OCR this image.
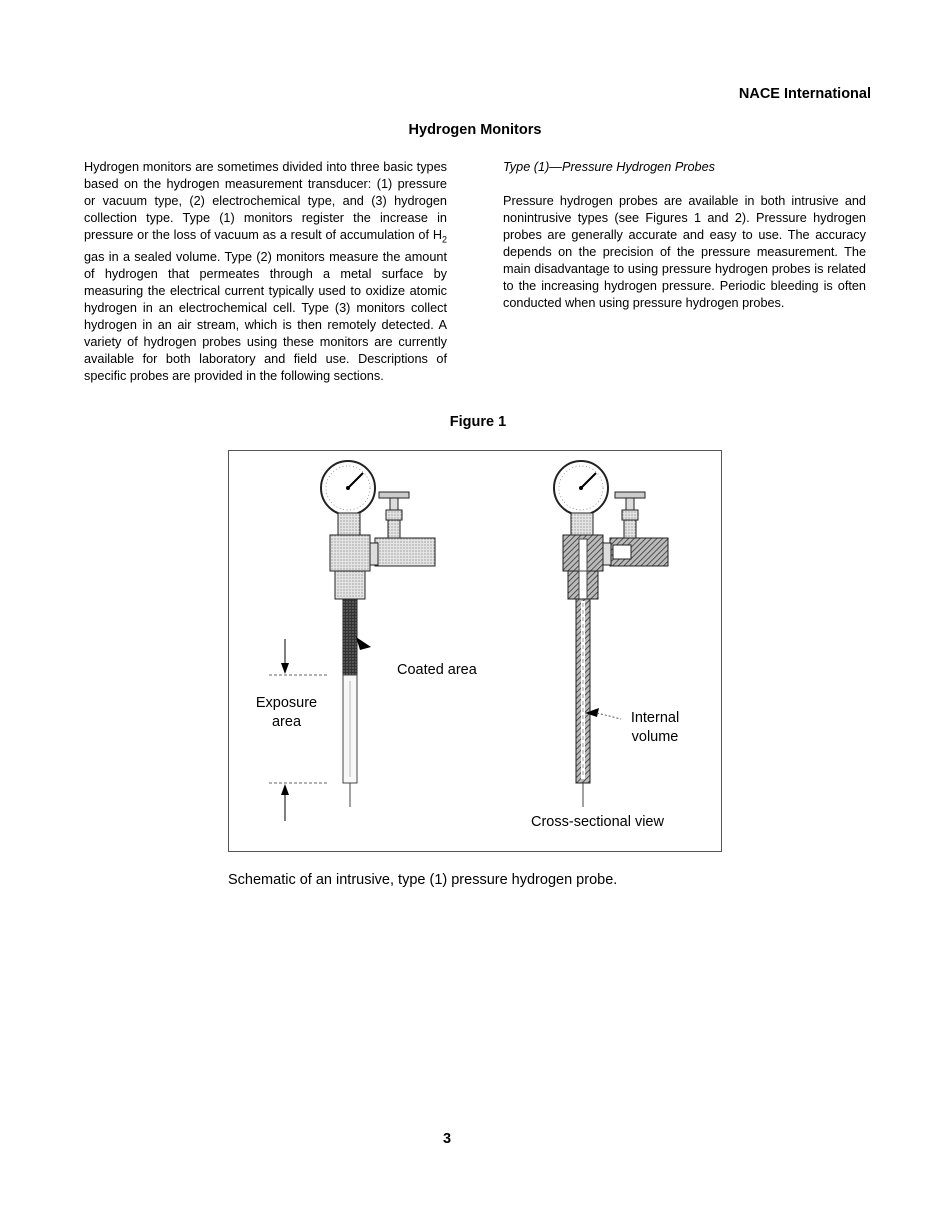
NACE International
Hydrogen Monitors

Hydrogen monitors are sometimes divided into three basic types based on the hydrogen measurement transducer: (1) pressure or vacuum type, (2) electrochemical type, and (3) hydrogen collection type. Type (1) monitors register the increase in pressure or the loss of vacuum as a result of accumulation of $H_2$ gas in a sealed volume. Type (2) monitors measure the amount of hydrogen that permeates through a metal surface by measuring the electrical current typically used to oxidize atomic hydrogen in an electrochemical cell. Type (3) monitors collect hydrogen in an air stream, which is then remotely detected. A variety of hydrogen probes using these monitors are currently available for both laboratory and field use. Descriptions of specific probes are provided in the following sections.

Type (1)—Pressure Hydrogen Probes

Pressure hydrogen probes are available in both intrusive and nonintrusive types (see Figures 1 and 2). Pressure hydrogen probes are generally accurate and easy to use. The accuracy depends on the precision of the pressure measurement. The main disadvantage to using pressure hydrogen probes is related to the increasing hydrogen pressure. Periodic bleeding is often conducted when using pressure hydrogen probes.

Figure 1
Coated area
Exposure
area	Internal
volume
Cross-sectional view
Schematic of an intrusive, type (1) pressure hydrogen probe.
3
